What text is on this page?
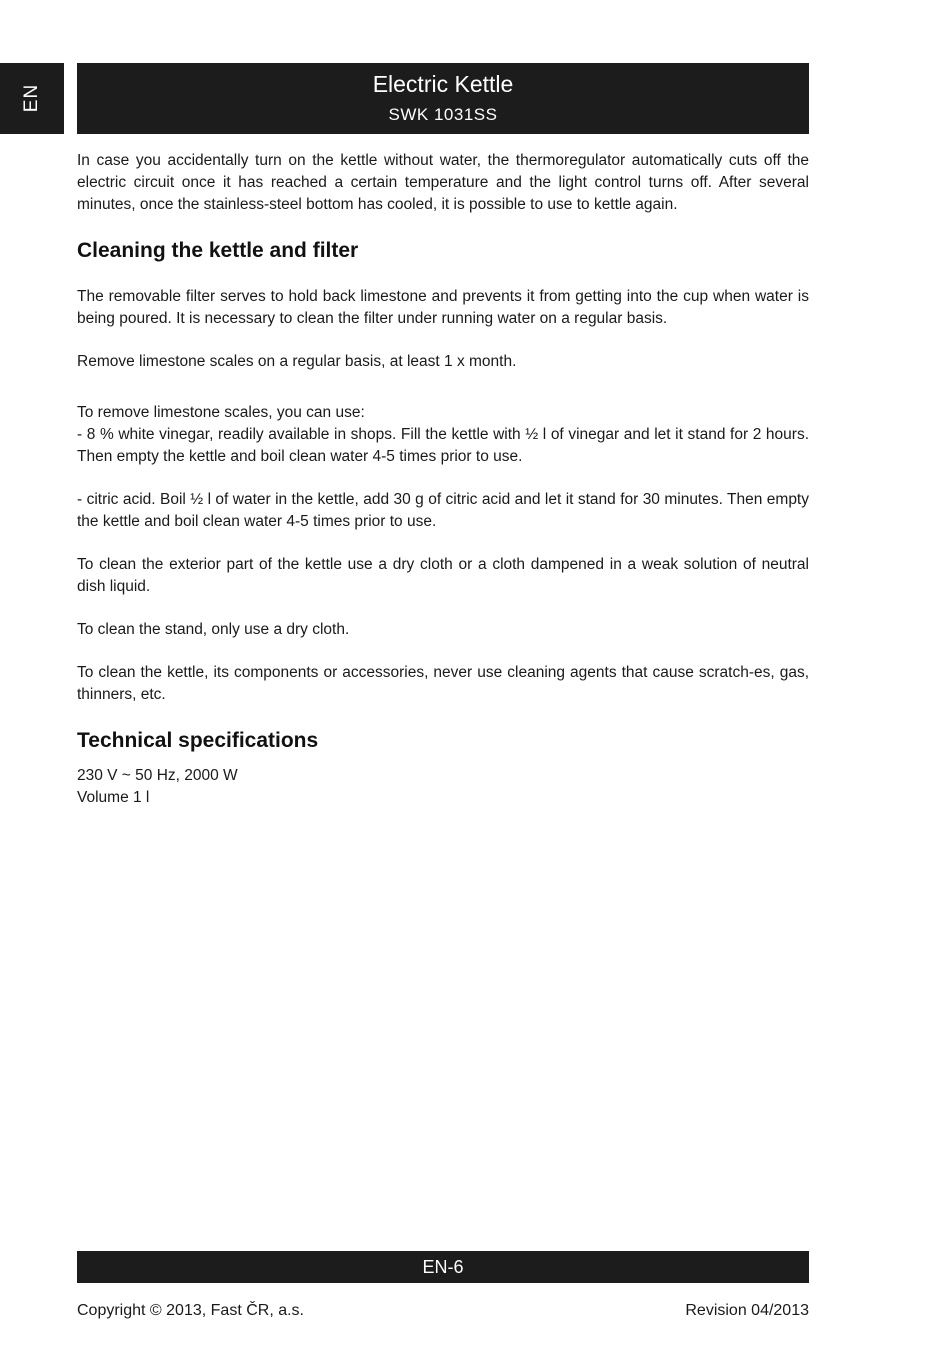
EN	Electric Kettle
SWK 1031SS

In case you accidentally turn on the kettle without water, the thermoregulator automatically cuts off the electric circuit once it has reached a certain temperature and the light control turns off. After several minutes, once the stainless-steel bottom has cooled, it is possible to use to kettle again.

Cleaning the kettle and filter

The removable filter serves to hold back limestone and prevents it from getting into the cup when water is being poured. It is necessary to clean the filter under running water on a regular basis.

Remove limestone scales on a regular basis, at least 1 x month.

To remove limestone scales, you can use:

- 8 % white vinegar, readily available in shops. Fill the kettle with ½ l of vinegar and let it stand for 2 hours. Then empty the kettle and boil clean water 4-5 times prior to use.

- citric acid. Boil ½ l of water in the kettle, add 30 g of citric acid and let it stand for 30 minutes. Then empty the kettle and boil clean water 4-5 times prior to use.

To clean the exterior part of the kettle use a dry cloth or a cloth dampened in a weak solution of neutral dish liquid.

To clean the stand, only use a dry cloth.

To clean the kettle, its components or accessories, never use cleaning agents that cause scratch-es, gas, thinners, etc.

Technical specifications

230 V ~ 50 Hz, 2000 W

Volume 1 l

EN-6
Copyright © 2013, Fast ČR, a.s.	Revision 04/2013
